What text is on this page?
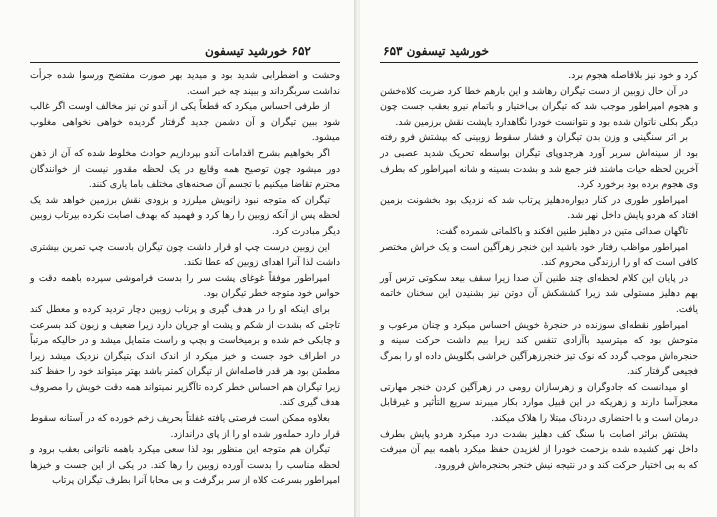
۶۵۲ خورشید تیسفون

وحشت و اضطرابی شدید بود و میدید بهر صورت مفتضح ورسوا شده جرأت نداشت سربگرداند و ببیند چه خبر است.

از طرفی احساس میکرد که قطعاً یکی از آندو تن نیز مخالف اوست اگر غالب شود ببین تیگران و آن دشمن جدید گرفتار گردیده خواهی نخواهی مغلوب میشود.

اگر بخواهیم بشرح اقدامات آندو بپردازیم حوادث مخلوط شده که آن از ذهن دور میشود چون توصیح همه وقایع در یک لحظه مقدور نیست از خوانندگان محترم تقاضا میکنیم با تجسم آن صحنه‌های مختلف باما یاری کنند.

تیگران که متوجه نبود زانویش میلرزد و بزودی نقش برزمین خواهد شد یک لحظه پس از آنکه زوبین را رها کرد و فهمید که بهدف اصابت نکرده بیرتاب زوبین دیگر مبادرت کرد.

این زوبین درست چپ او قرار داشت چون تیگران بادست چپ تمرین بیشتری داشت لذا آنرا اهدای زوبین که عطا نکند.

امپراطور موفقاً غوغای پشت سر را بدست فراموشی سپرده باهمه دقت و حواس خود متوجه خطر تیگران بود.

برای اینکه او را در هدف گیری و پرتاب زوبین دچار تردید کرده و معطل کند تاجئی که بشدت از شکم و پشت او جریان دارد زیرا ضعیف و زبون کند بسرعت و چابکی خم شده و برمیخاست و بچپ و راست متمایل میشد و در حالیکه مرتباً در اطراف خود جست و خیز میکرد از اندک اندک بتیگران نزدیک میشد زیرا مطمئن بود هر قدر فاصله‌اش از تیگران کمتر باشد بهتر میتواند خود را حفظ کند زیرا تیگران هم احساس خطر کرده تاآگزیر نمیتواند همه دقت خویش را مصروف هدف گیری کند.

بعلاوه ممکن است فرصتی یافته غفلتاً بحریف زخم خورده که در آستانه سقوط قرار دارد حمله‌ور شده او را از پای دراندازد.

تیگران هم متوجه این منظور بود لذا سعی میکرد باهمه ناتوانی بعقب برود و لحظه مناسب را بدست آورده زوبین را رها کند. در یکی از این جست و خیزها امپراطور بسرعت کلاه از سر برگرفت و بی محابا آنرا بطرف تیگران پرتاب

خورشید تیسفون ۶۵۳

کرد و خود نیز بلافاصله هجوم برد.

در آن حال زوبین از دست تیگران رهاشد و این بارهم خطا کرد ضربت کلاه‌خشن و هجوم امپراطور موجب شد که تیگران بی‌اختیار و باتمام نیرو بعقب جست چون دیگر بکلی ناتوان شده بود و نتوانست خودرا نگاهدارد باپشت نقش برزمین شد.

بر اثر سنگینی و وزن بدن تیگران و فشار سقوط زوبینی که بپشتش فرو رفته بود از سینه‌اش سربر آورد هرجدوپای تیگران بواسطه تحریک شدید عصبی در آخرین لحظه حیات ماشند فنر جمع شد و بشدت بسینه و شانه امپراطور که بطرف وی هجوم برده بود برخورد کرد.

امپراطور طوری در کنار دیواره‌دهلیز پرتاب شد که نزدیک بود بخشونت بزمین افتاد که هردو پایش داخل نهر شد.

تاگهان صدائی متین در دهلیز طنین افکند و باکلماتی شمرده گفت:

امپراطور مواظب رفتار خود باشید این خنجر زهرآگین است و یک خراش مختصر کافی است که او را ارزندگی محروم کند.

در پایان این کلام لحظه‌ای چند طنین آن صدا زیرا سقف بیعد سکوتی ترس آور بهم دهلیز مستولی شد زیرا کششکش آن دوتن نیز بشنیدن این سخنان خاتمه یافت.

امپراطور نقطه‌ای سوزنده در حنجرهٔ خویش احساس میکرد و چنان مرعوب و متوحش بود که میترسید باآزادی تنفس کند زیرا بیم داشت حرکت سینه و حنجره‌اش موجب گردد که نوک تیز خنجرزهرآگین خراشی بگلویش داده او را بمرگ فجیعی گرفتار کند.

او میدانست که جادوگران و زهرسازان رومی در زهرآگین کردن خنجر مهارتی معجزآسا دارند و زهریکه در این قبیل موارد بکار میبرند سریع التأثیر و غیرقابل درمان است و با احتضاری دردناک مبتلا را هلاک میکند.

پشتش براثر اصابت با سنگ کف دهلیز بشدت درد میکرد هردو پایش بطرف داخل نهر کشیده شده بزحمت خودرا از لغزیدن حفظ میکرد باهمه بیم آن میرفت که به بی اختیار حرکت کند و در نتیجه نیش خنجر بحنجره‌اش فرورود.
